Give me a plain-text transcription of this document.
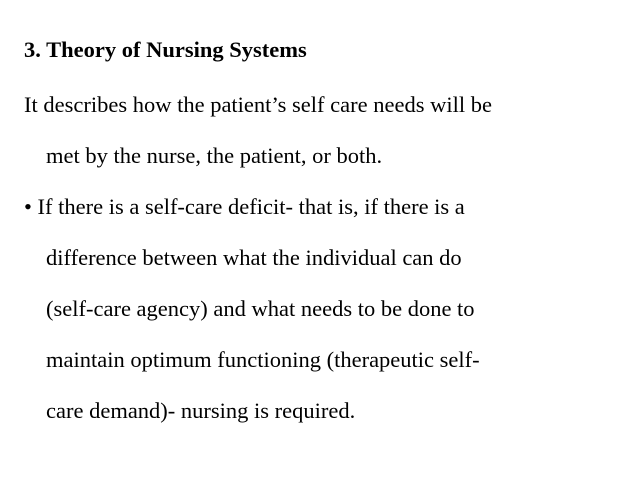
3. Theory of Nursing Systems
It describes how the patient’s self care needs will be
met by the nurse, the patient, or both.
• If there is a self-care deficit- that is, if there is a
difference between what the individual can do
(self-care agency) and what needs to be done to
maintain optimum functioning (therapeutic self-
care demand)- nursing is required.
